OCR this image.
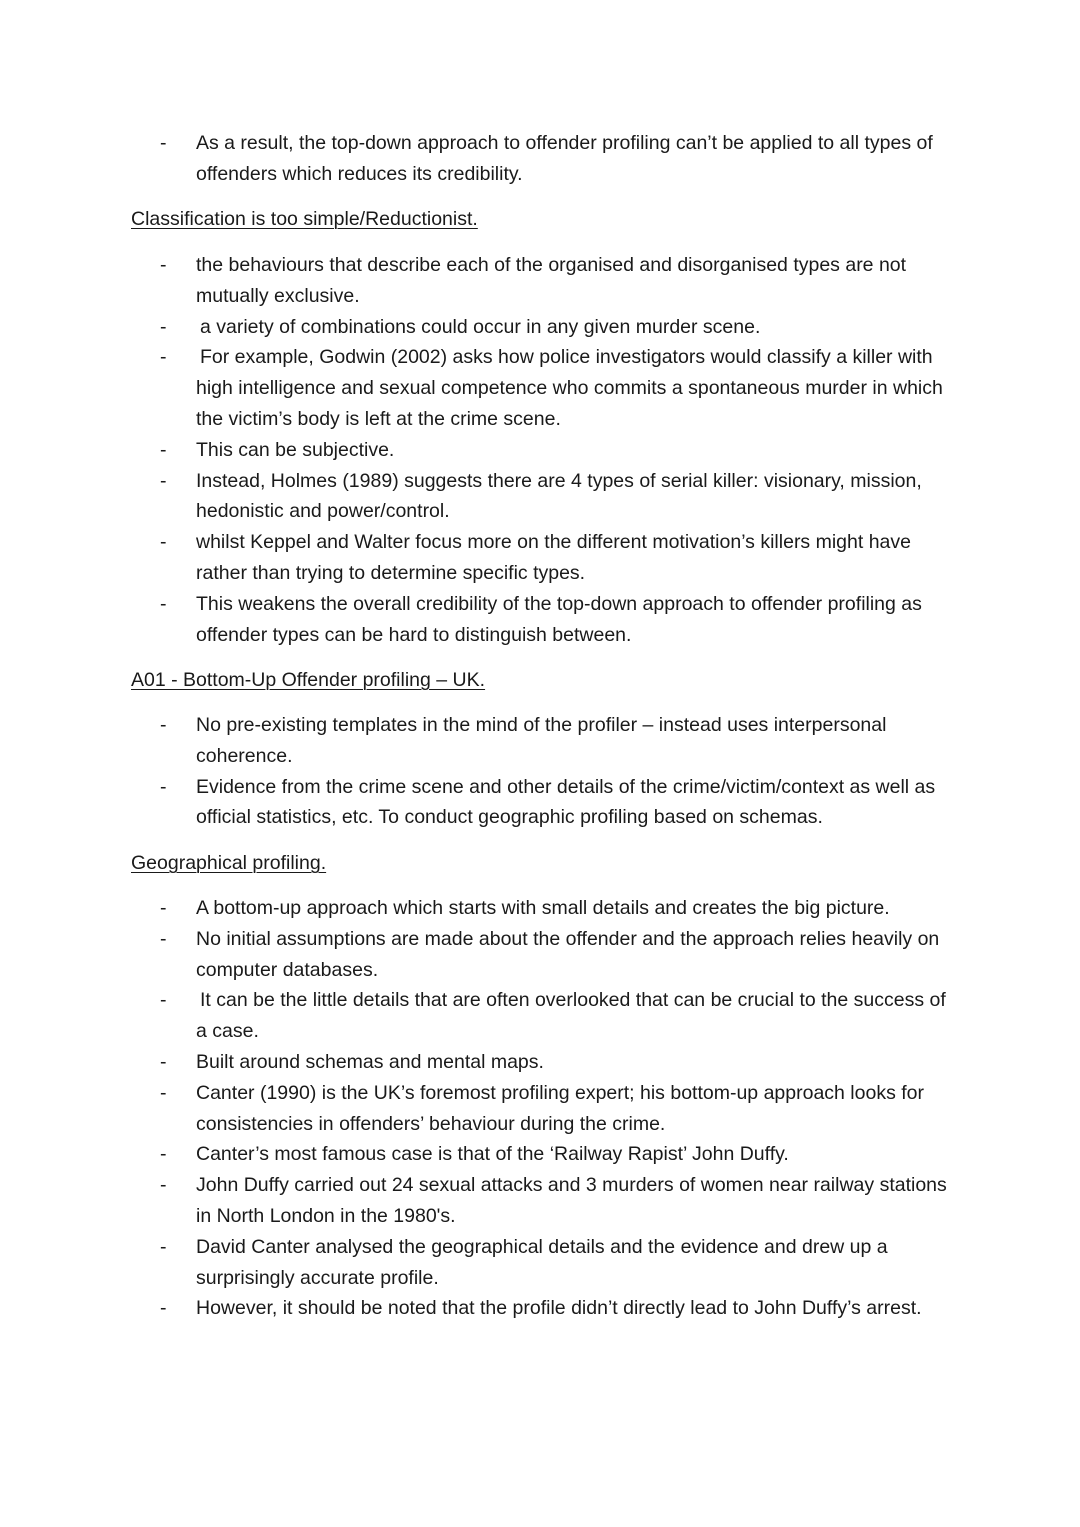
-	As a result, the top-down approach to offender profiling can’t be applied to all types of offenders which reduces its credibility.
Classification is too simple/Reductionist.
-	the behaviours that describe each of the organised and disorganised types are not mutually exclusive.
-	a variety of combinations could occur in any given murder scene.
-	For example, Godwin (2002) asks how police investigators would classify a killer with high intelligence and sexual competence who commits a spontaneous murder in which the victim’s body is left at the crime scene.
-	This can be subjective.
-	Instead, Holmes (1989) suggests there are 4 types of serial killer: visionary, mission, hedonistic and power/control.
-	whilst Keppel and Walter focus more on the different motivation’s killers might have rather than trying to determine specific types.
-	This weakens the overall credibility of the top-down approach to offender profiling as offender types can be hard to distinguish between.
A01 - Bottom-Up Offender profiling – UK.
-	No pre-existing templates in the mind of the profiler – instead uses interpersonal coherence.
-	Evidence from the crime scene and other details of the crime/victim/context as well as official statistics, etc. To conduct geographic profiling based on schemas.
Geographical profiling.
-	A bottom-up approach which starts with small details and creates the big picture.
-	No initial assumptions are made about the offender and the approach relies heavily on computer databases.
-	It can be the little details that are often overlooked that can be crucial to the success of a case.
-	Built around schemas and mental maps.
-	Canter (1990) is the UK’s foremost profiling expert; his bottom-up approach looks for consistencies in offenders’ behaviour during the crime.
-	Canter’s most famous case is that of the ‘Railway Rapist’ John Duffy.
-	John Duffy carried out 24 sexual attacks and 3 murders of women near railway stations in North London in the 1980's.
-	David Canter analysed the geographical details and the evidence and drew up a surprisingly accurate profile.
-	However, it should be noted that the profile didn’t directly lead to John Duffy’s arrest.
